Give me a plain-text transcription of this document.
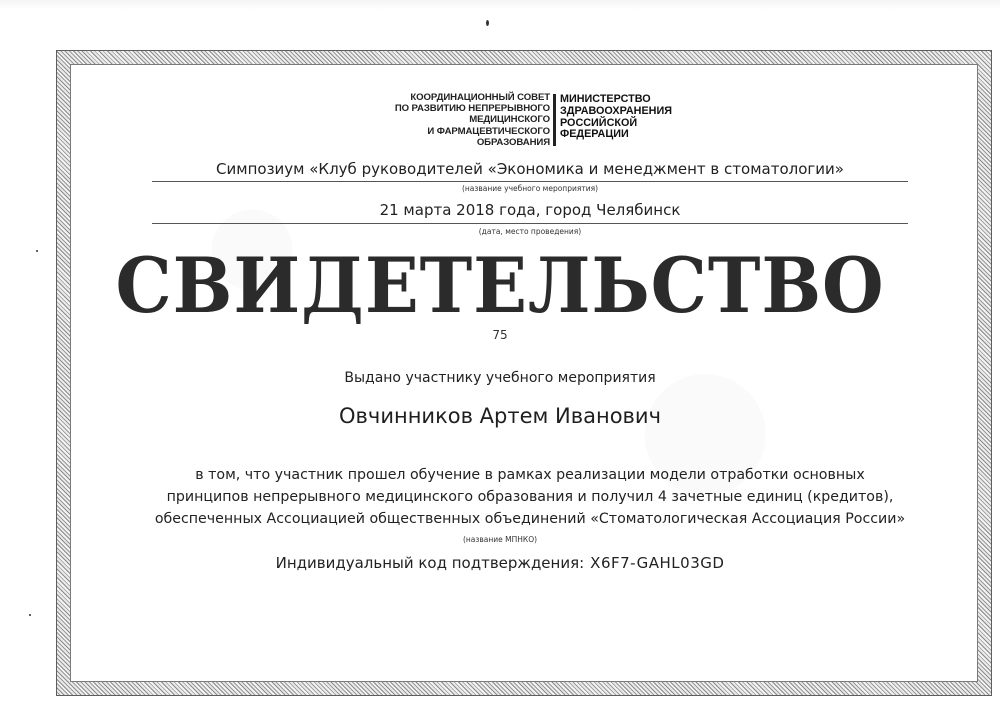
КООРДИНАЦИОННЫЙ СОВЕТ
ПО РАЗВИТИЮ НЕПРЕРЫВНОГО
МЕДИЦИНСКОГО
И ФАРМАЦЕВТИЧЕСКОГО
ОБРАЗОВАНИЯ
МИНИСТЕРСТВО
ЗДРАВООХРАНЕНИЯ
РОССИЙСКОЙ
ФЕДЕРАЦИИ
Симпозиум «Клуб руководителей «Экономика и менеджмент в стоматологии»
(название учебного мероприятия)
21 марта 2018 года, город Челябинск
(дата, место проведения)
СВИДЕТЕЛЬСТВО
75
Выдано участнику учебного мероприятия
Овчинников Артем Иванович
в том, что участник прошел обучение в рамках реализации модели отработки основных
принципов непрерывного медицинского образования и получил 4 зачетные единиц (кредитов),
обеспеченных Ассоциацией общественных объединений «Стоматологическая Ассоциация России»
(название МПНКО)
Индивидуальный код подтверждения: X6F7-GAHL03GD
